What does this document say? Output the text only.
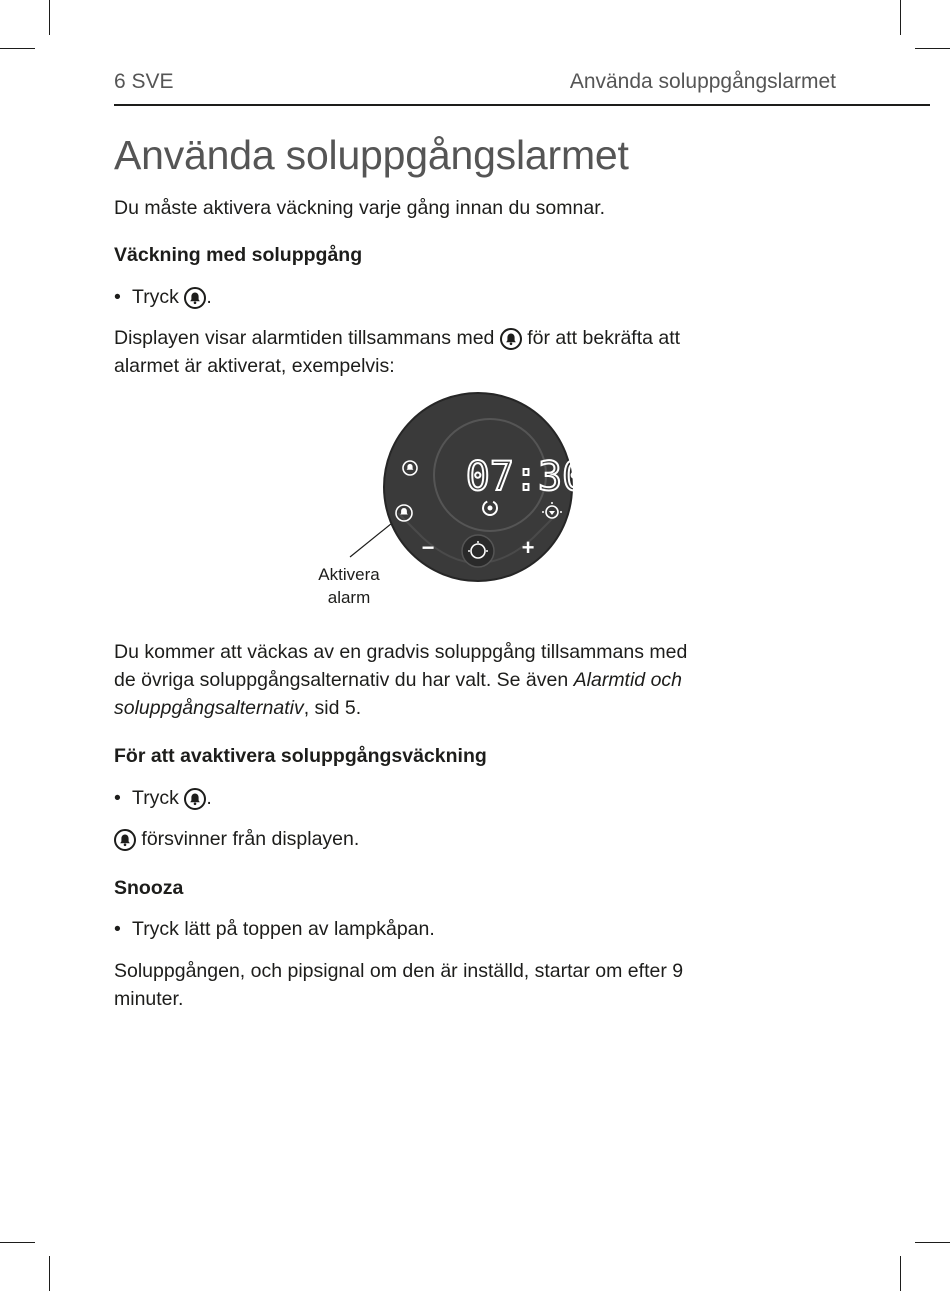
6 SVE	Använda soluppgångslarmet
Använda soluppgångslarmet

Du måste aktivera väckning varje gång innan du somnar.

Väckning med soluppgång

• Tryck .

Displayen visar alarmtiden tillsammans med för att bekräfta att
alarmet är aktiverat, exempelvis:

07:30
−	+
Aktivera
alarm

Du kommer att väckas av en gradvis soluppgång tillsammans med
de övriga soluppgångsalternativ du har valt. Se även Alarmtid och
soluppgångsalternativ, sid 5.

För att avaktivera soluppgångsväckning

• Tryck .

försvinner från displayen.

Snooza

• Tryck lätt på toppen av lampkåpan.

Soluppgången, och pipsignal om den är inställd, startar om efter 9
minuter.
